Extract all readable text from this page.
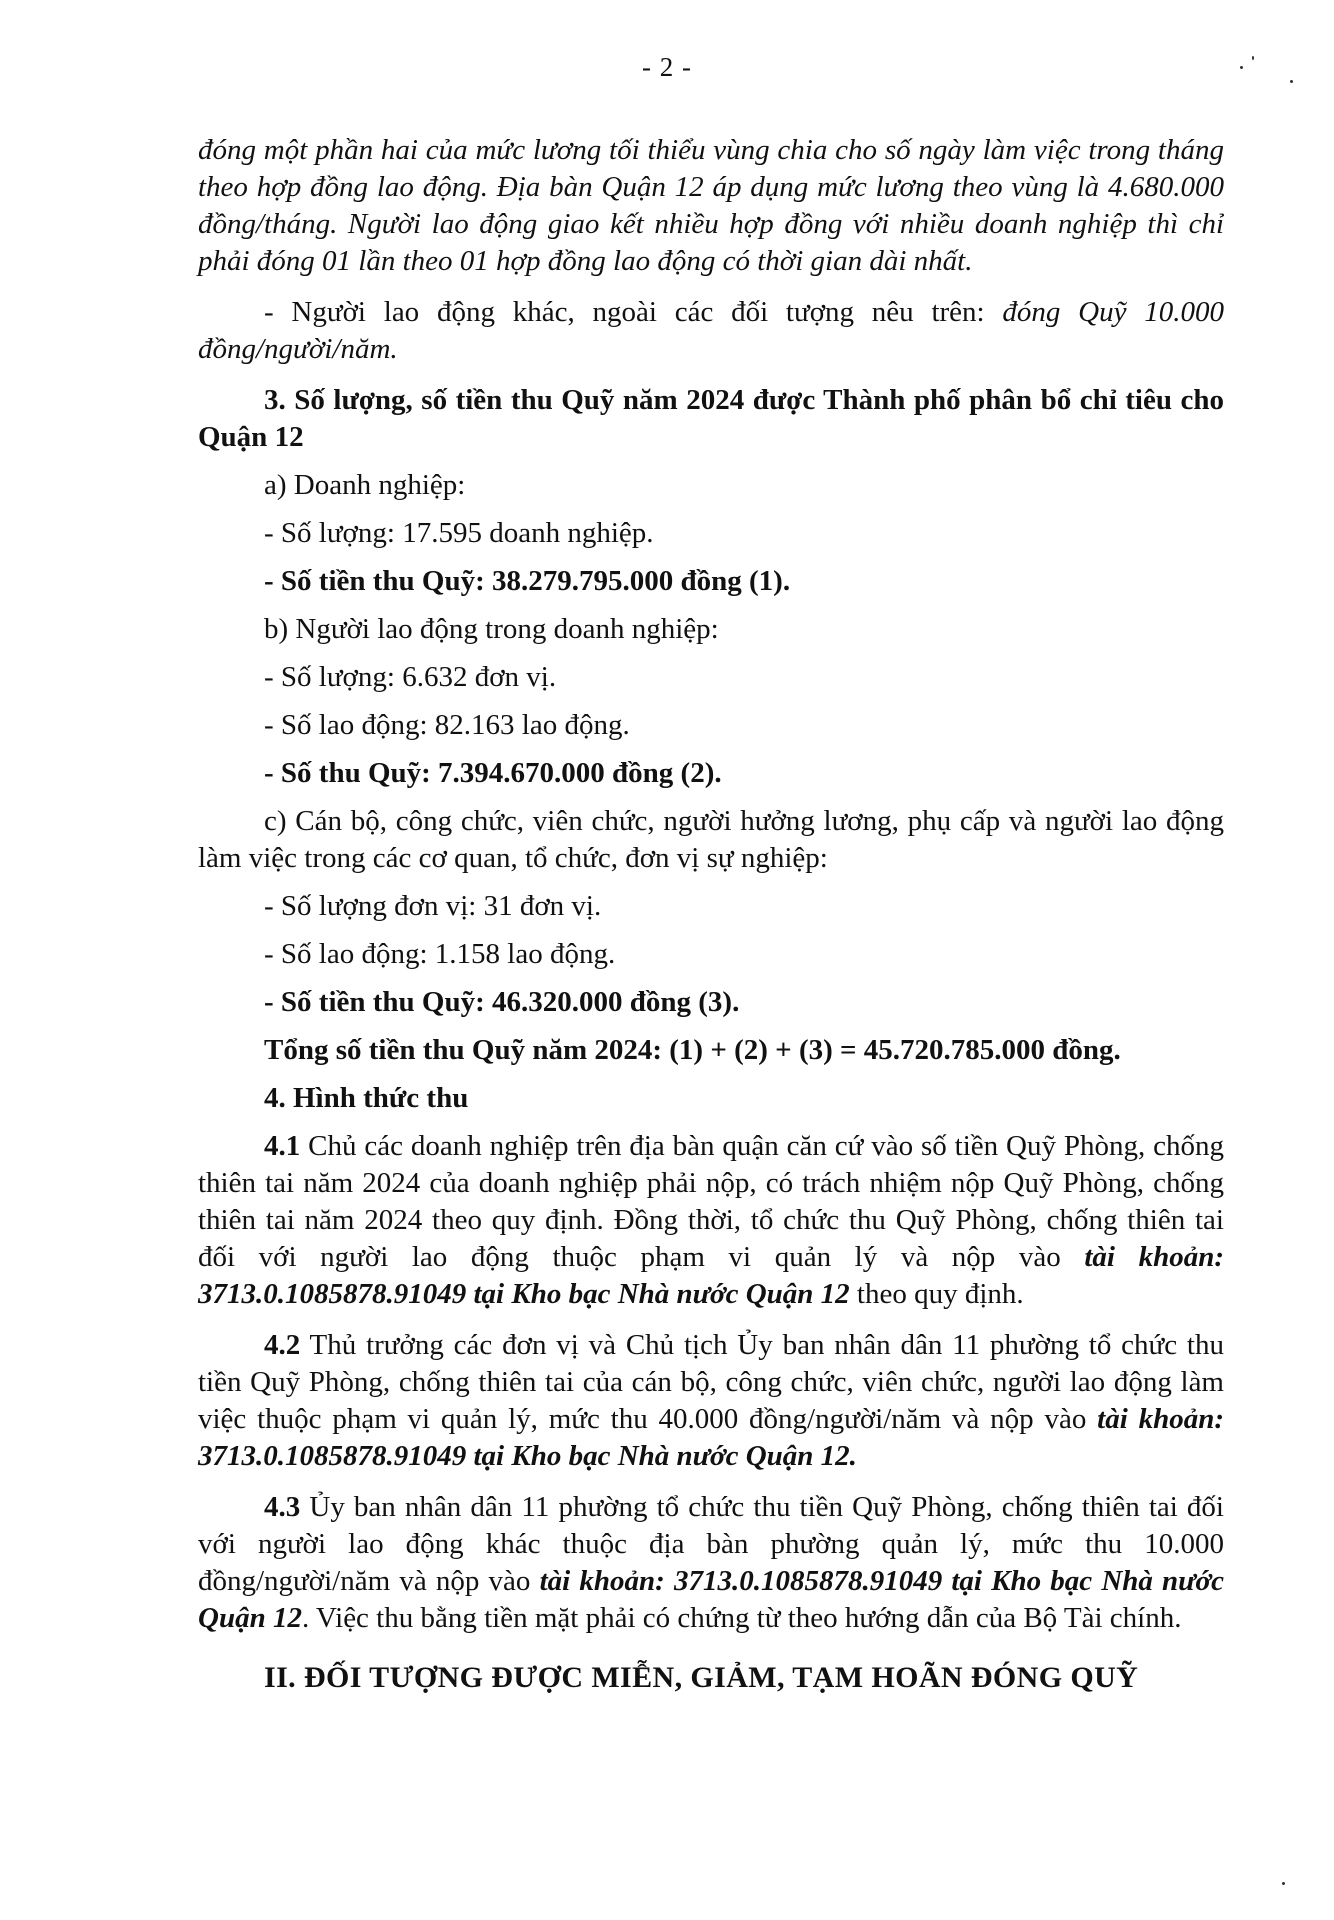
- 2 -

đóng một phần hai của mức lương tối thiểu vùng chia cho số ngày làm việc trong tháng theo hợp đồng lao động. Địa bàn Quận 12 áp dụng mức lương theo vùng là 4.680.000 đồng/tháng. Người lao động giao kết nhiều hợp đồng với nhiều doanh nghiệp thì chỉ phải đóng 01 lần theo 01 hợp đồng lao động có thời gian dài nhất.

- Người lao động khác, ngoài các đối tượng nêu trên: đóng Quỹ 10.000 đồng/người/năm.

3. Số lượng, số tiền thu Quỹ năm 2024 được Thành phố phân bổ chỉ tiêu cho Quận 12

a) Doanh nghiệp:

- Số lượng: 17.595 doanh nghiệp.

- Số tiền thu Quỹ: 38.279.795.000 đồng (1).

b) Người lao động trong doanh nghiệp:

- Số lượng: 6.632 đơn vị.

- Số lao động: 82.163 lao động.

- Số thu Quỹ: 7.394.670.000 đồng (2).

c) Cán bộ, công chức, viên chức, người hưởng lương, phụ cấp và người lao động làm việc trong các cơ quan, tổ chức, đơn vị sự nghiệp:

- Số lượng đơn vị: 31 đơn vị.

- Số lao động: 1.158 lao động.

- Số tiền thu Quỹ: 46.320.000 đồng (3).

Tổng số tiền thu Quỹ năm 2024: (1) + (2) + (3) = 45.720.785.000 đồng.

4. Hình thức thu

4.1 Chủ các doanh nghiệp trên địa bàn quận căn cứ vào số tiền Quỹ Phòng, chống thiên tai năm 2024 của doanh nghiệp phải nộp, có trách nhiệm nộp Quỹ Phòng, chống thiên tai năm 2024 theo quy định. Đồng thời, tổ chức thu Quỹ Phòng, chống thiên tai đối với người lao động thuộc phạm vi quản lý và nộp vào tài khoản: 3713.0.1085878.91049 tại Kho bạc Nhà nước Quận 12 theo quy định.

4.2 Thủ trưởng các đơn vị và Chủ tịch Ủy ban nhân dân 11 phường tổ chức thu tiền Quỹ Phòng, chống thiên tai của cán bộ, công chức, viên chức, người lao động làm việc thuộc phạm vi quản lý, mức thu 40.000 đồng/người/năm và nộp vào tài khoản: 3713.0.1085878.91049 tại Kho bạc Nhà nước Quận 12.

4.3 Ủy ban nhân dân 11 phường tổ chức thu tiền Quỹ Phòng, chống thiên tai đối với người lao động khác thuộc địa bàn phường quản lý, mức thu 10.000 đồng/người/năm và nộp vào tài khoản: 3713.0.1085878.91049 tại Kho bạc Nhà nước Quận 12. Việc thu bằng tiền mặt phải có chứng từ theo hướng dẫn của Bộ Tài chính.

II. ĐỐI TƯỢNG ĐƯỢC MIỄN, GIẢM, TẠM HOÃN ĐÓNG QUỸ
